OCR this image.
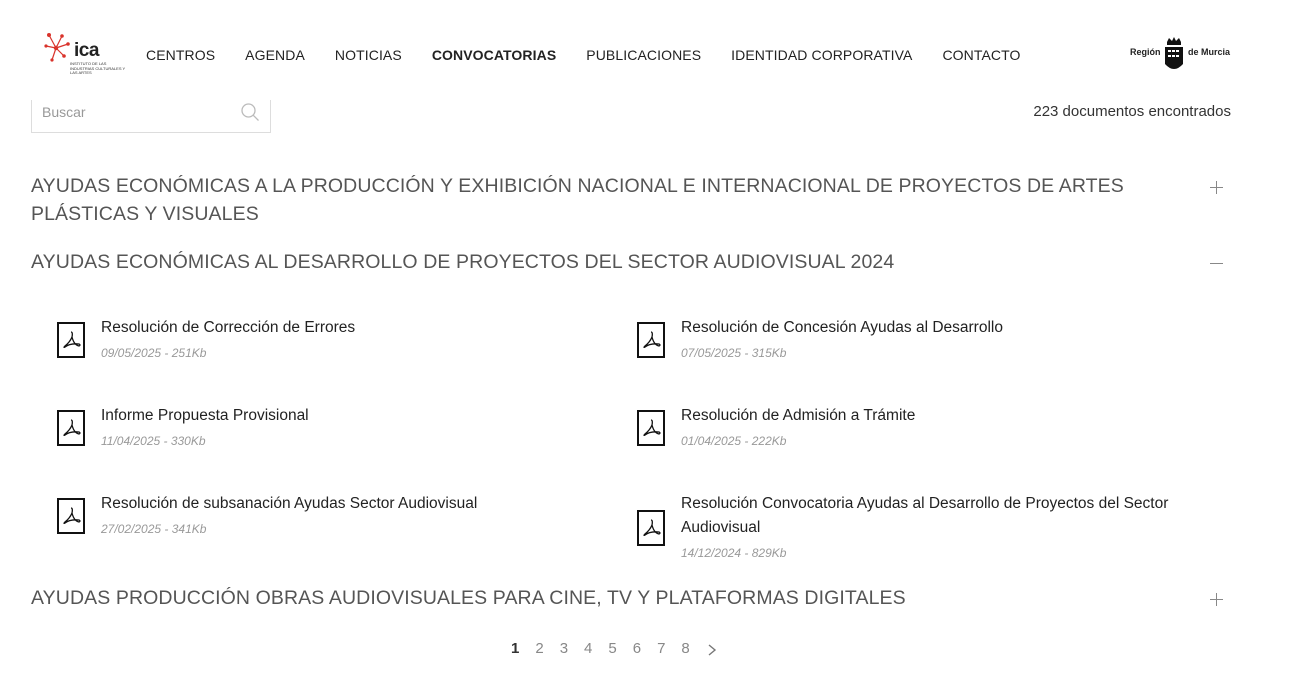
ica
INSTITUTO DE LAS INDUSTRIAS CULTURALES Y LAS ARTES
CENTROS AGENDA NOTICIAS CONVOCATORIAS PUBLICACIONES IDENTIDAD CORPORATIVA CONTACTO	Región	de Murcia
Buscar
223 documentos encontrados
AYUDAS ECONÓMICAS A LA PRODUCCIÓN Y EXHIBICIÓN NACIONAL E INTERNACIONAL DE PROYECTOS DE ARTES PLÁSTICAS Y VISUALES
AYUDAS ECONÓMICAS AL DESARROLLO DE PROYECTOS DEL SECTOR AUDIOVISUAL 2024
Resolución de Corrección de Errores
09/05/2025 - 251Kb
Resolución de Concesión Ayudas al Desarrollo
07/05/2025 - 315Kb
Informe Propuesta Provisional
11/04/2025 - 330Kb
Resolución de Admisión a Trámite
01/04/2025 - 222Kb
Resolución de subsanación Ayudas Sector Audiovisual
27/02/2025 - 341Kb
Resolución Convocatoria Ayudas al Desarrollo de Proyectos del Sector Audiovisual
14/12/2024 - 829Kb
AYUDAS PRODUCCIÓN OBRAS AUDIOVISUALES PARA CINE, TV Y PLATAFORMAS DIGITALES
1 2 3 4 5 6 7 8
